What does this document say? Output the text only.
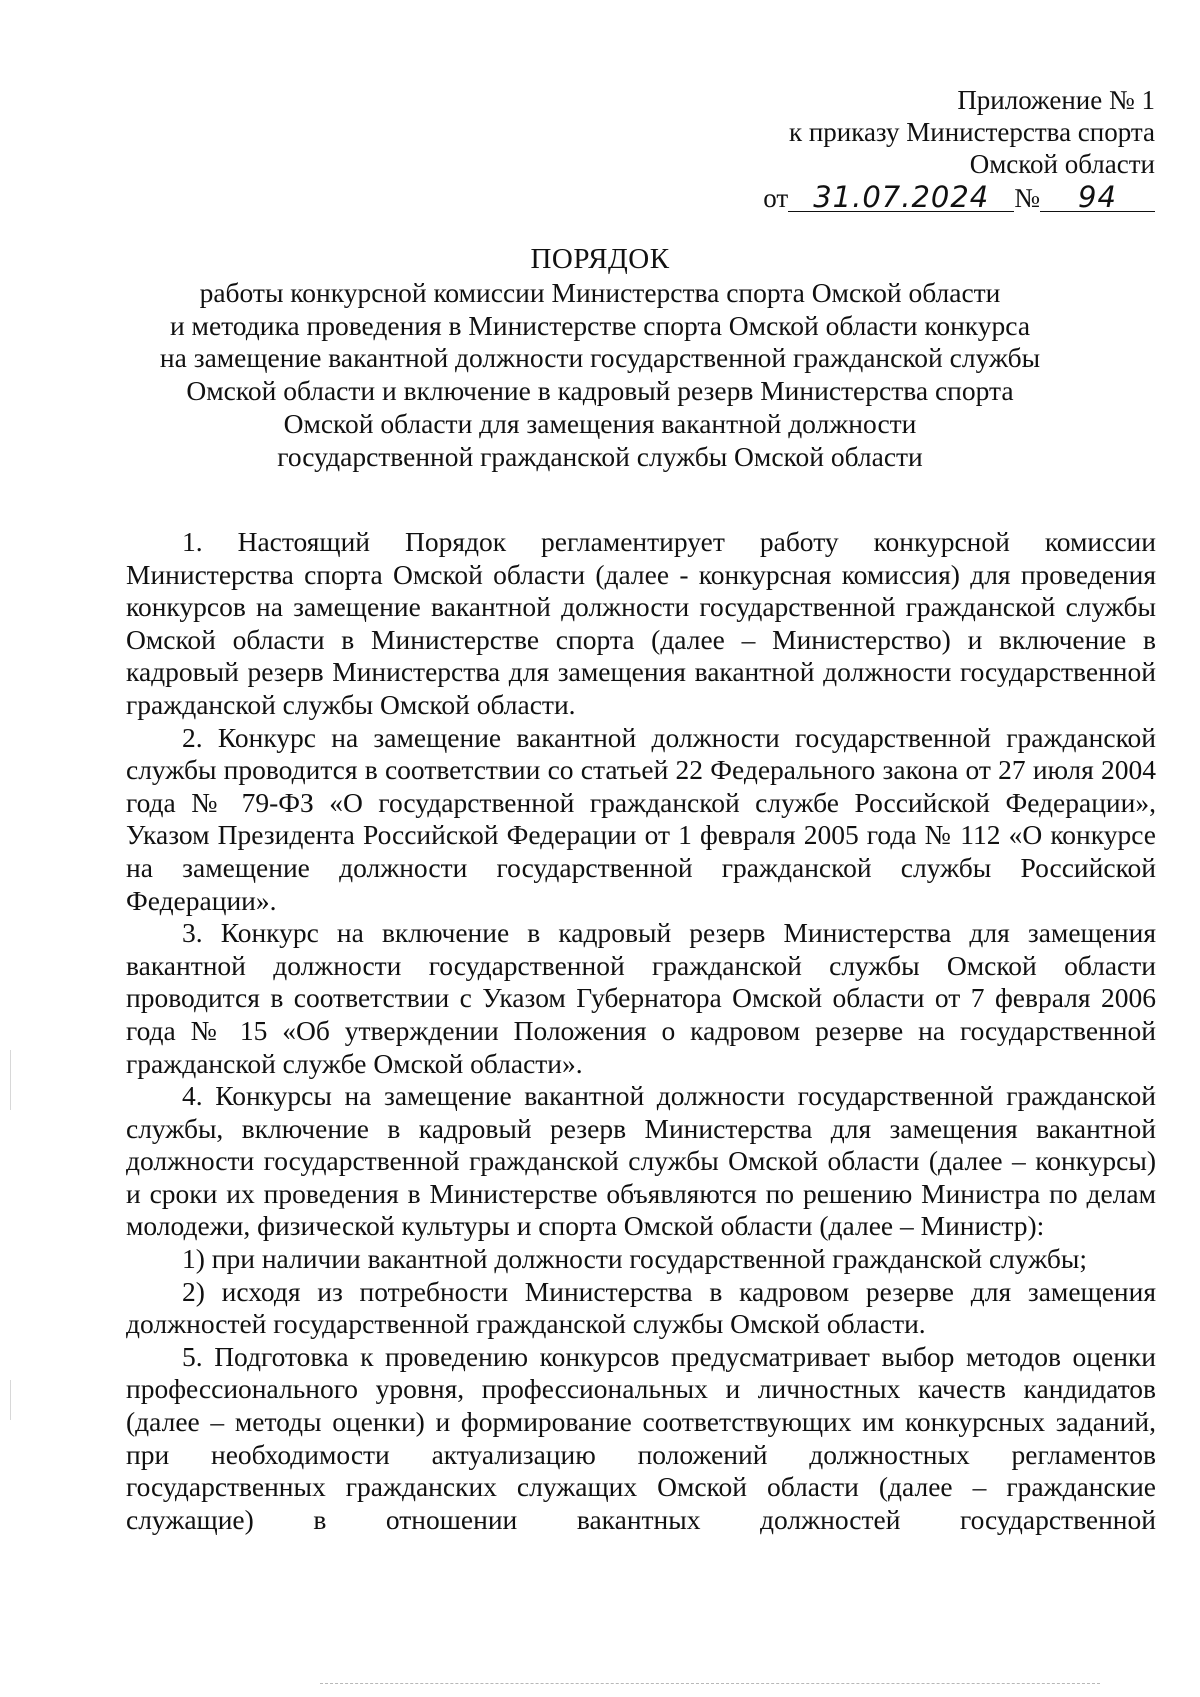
Приложение № 1
к приказу Министерства спорта
Омской области
от 31.07.2024 № 94
ПОРЯДОК
работы конкурсной комиссии Министерства спорта Омской области
и методика проведения в Министерстве спорта Омской области конкурса
на замещение вакантной должности государственной гражданской службы
Омской области и включение в кадровый резерв Министерства спорта
Омской области для замещения вакантной должности
государственной гражданской службы Омской области

1. Настоящий Порядок регламентирует работу конкурсной комиссии Министерства спорта Омской области (далее - конкурсная комиссия) для проведения конкурсов на замещение вакантной должности государственной гражданской службы Омской области в Министерстве спорта (далее – Министерство) и включение в кадровый резерв Министерства для замещения вакантной должности государственной гражданской службы Омской области.

2. Конкурс на замещение вакантной должности государственной гражданской службы проводится в соответствии со статьей 22 Федерального закона от 27 июля 2004 года № 79-ФЗ «О государственной гражданской службе Российской Федерации», Указом Президента Российской Федерации от 1 февраля 2005 года № 112 «О конкурсе на замещение должности государственной гражданской службы Российской Федерации».

3. Конкурс на включение в кадровый резерв Министерства для замещения вакантной должности государственной гражданской службы Омской области проводится в соответствии с Указом Губернатора Омской области от 7 февраля 2006 года № 15 «Об утверждении Положения о кадровом резерве на государственной гражданской службе Омской области».

4. Конкурсы на замещение вакантной должности государственной гражданской службы, включение в кадровый резерв Министерства для замещения вакантной должности государственной гражданской службы Омской области (далее – конкурсы) и сроки их проведения в Министерстве объявляются по решению Министра по делам молодежи, физической культуры и спорта Омской области (далее – Министр):

1) при наличии вакантной должности государственной гражданской службы;

2) исходя из потребности Министерства в кадровом резерве для замещения должностей государственной гражданской службы Омской области.

5. Подготовка к проведению конкурсов предусматривает выбор методов оценки профессионального уровня, профессиональных и личностных качеств кандидатов (далее – методы оценки) и формирование соответствующих им конкурсных заданий, при необходимости актуализацию положений должностных регламентов государственных гражданских служащих Омской области (далее – гражданские служащие) в отношении вакантных должностей государственной
